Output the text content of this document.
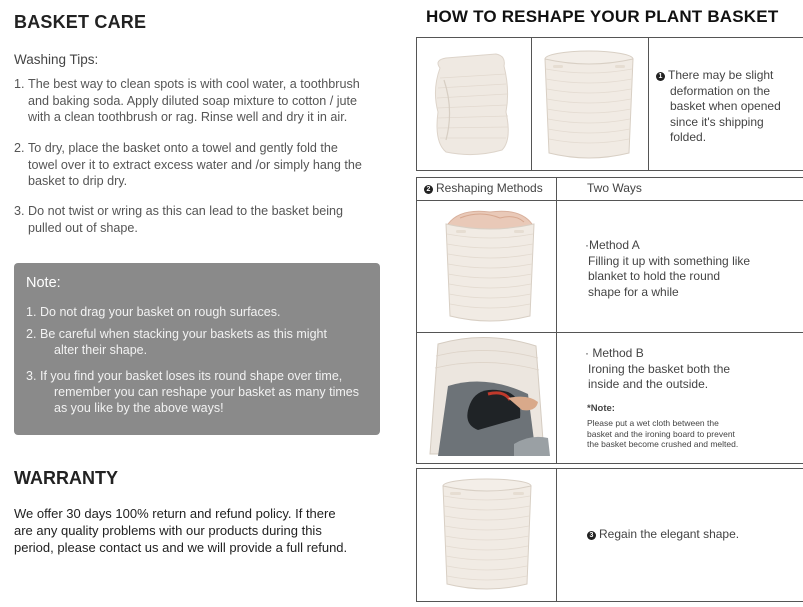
BASKET CARE
Washing Tips:
1. The best way to clean spots is with cool water, a toothbrush
and baking soda. Apply diluted soap mixture to cotton / jute
with a clean toothbrush or rag. Rinse well and dry it in air.
2. To dry, place the basket onto a towel and gently fold the
towel over it to extract excess water and /or simply hang the
basket to drip dry.
3. Do not twist or wring as this can lead to the basket being
pulled out of shape.
Note:
1. Do not drag your basket on rough surfaces.
2. Be careful when stacking your baskets as this might
alter their shape.
3. If you find your basket loses its round shape over time,
remember you can reshape your basket as many times
as you like by the above ways!
WARRANTY
We offer 30 days 100% return and refund policy. If there
are any quality problems with our products during this
period, please contact us and we will provide a full refund.
HOW TO RESHAPE YOUR PLANT BASKET
1 There may be slight
deformation on the
basket when opened
since it's shipping
folded.
2 Reshaping Methods	Two Ways
·Method A
Filling it up with something like
blanket to hold the round
shape for a while
· Method B
Ironing the basket both the
inside and the outside.
*Note:
Please put a wet cloth between the
basket and the ironing board to prevent
the basket become crushed and melted.
3 Regain the elegant shape.
